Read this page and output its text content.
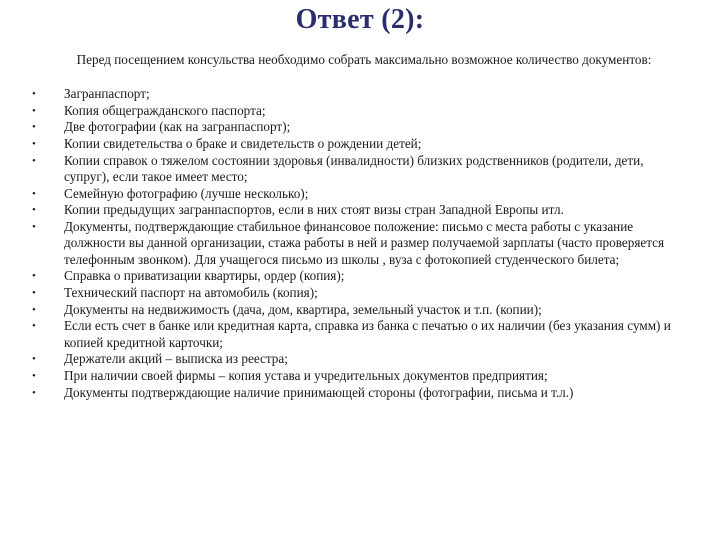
Ответ (2):
Перед посещением консульства необходимо собрать максимально возможное количество документов:
•	Загранпаспорт;
•	Копия общегражданского паспорта;
•	Две фотографии (как на загранпаспорт);
•	Копии свидетельства о браке и свидетельств о рождении детей;
•	Копии справок о тяжелом состоянии здоровья (инвалидности) близких родственников (родители, дети, супруг), если такое имеет место;
•	Семейную фотографию (лучше несколько);
•	Копии предыдущих загранпаспортов, если в них стоят визы стран Западной Европы итл.
•	Документы, подтверждающие стабильное финансовое положение: письмо с места работы с указание должности вы данной организации, стажа работы в ней и размер получаемой зарплаты (часто проверяется телефонным звонком). Для учащегося письмо из школы , вуза с фотокопией студенческого билета;
•	Справка о приватизации квартиры, ордер (копия);
•	Технический паспорт на автомобиль (копия);
•	Документы на недвижимость (дача, дом, квартира, земельный участок и т.п. (копии);
•	Если есть счет в банке или кредитная карта, справка из банка с печатью о их наличии (без указания сумм) и копией кредитной карточки;
•	Держатели акций – выписка из реестра;
•	При наличии своей фирмы – копия устава и учредительных документов предприятия;
•	Документы подтверждающие наличие принимающей стороны (фотографии, письма и т.л.)
